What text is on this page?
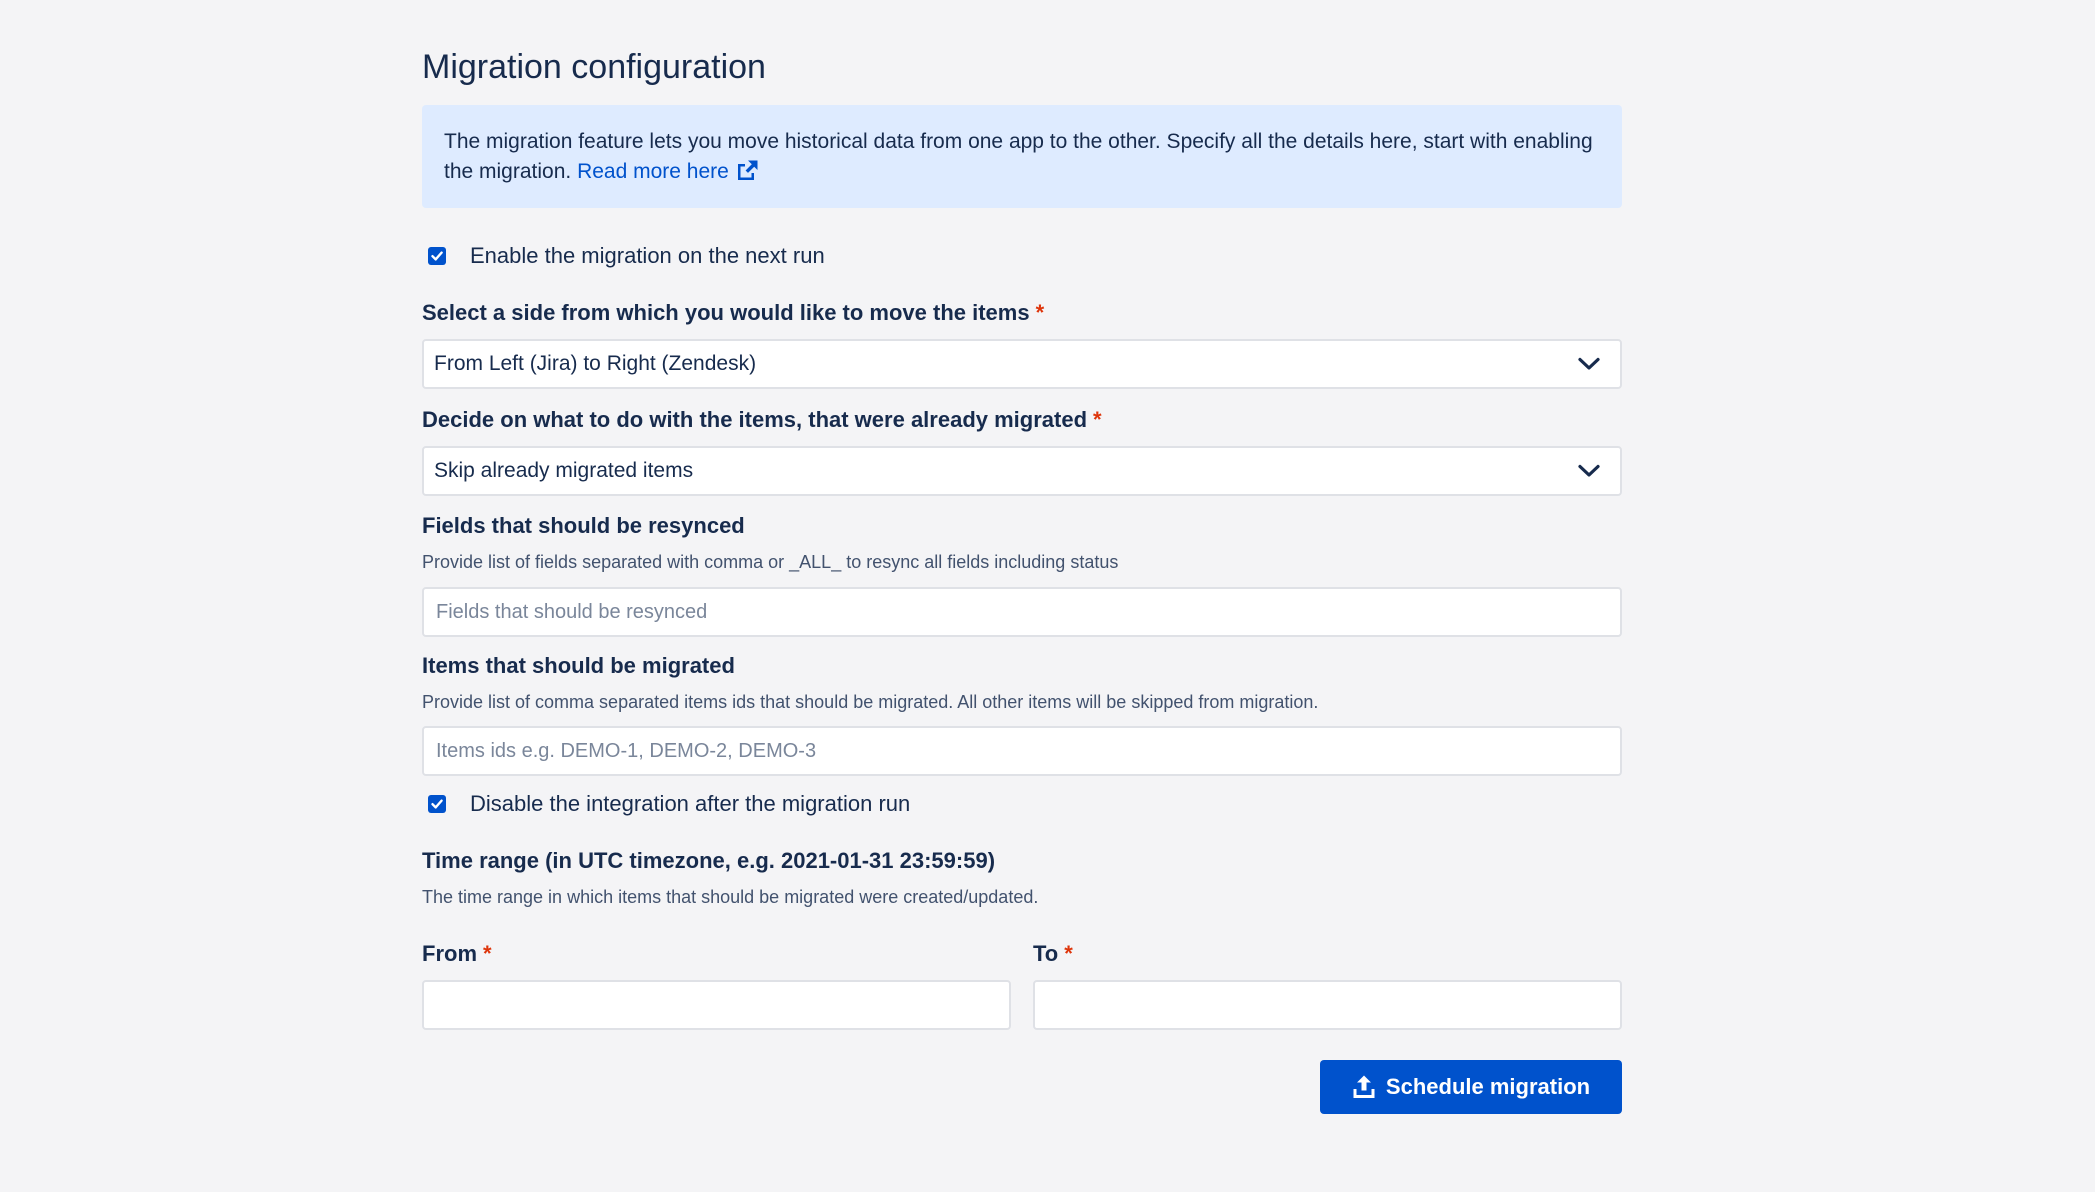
Migration configuration
The migration feature lets you move historical data from one app to the other. Specify all the details here, start with enabling the migration. Read more here
Enable the migration on the next run
Select a side from which you would like to move the items *
From Left (Jira) to Right (Zendesk)
Decide on what to do with the items, that were already migrated *
Skip already migrated items
Fields that should be resynced
Provide list of fields separated with comma or _ALL_ to resync all fields including status
Fields that should be resynced
Items that should be migrated
Provide list of comma separated items ids that should be migrated. All other items will be skipped from migration.
Items ids e.g. DEMO-1, DEMO-2, DEMO-3
Disable the integration after the migration run
Time range (in UTC timezone, e.g. 2021-01-31 23:59:59)
The time range in which items that should be migrated were created/updated.
From *	To *
Schedule migration
